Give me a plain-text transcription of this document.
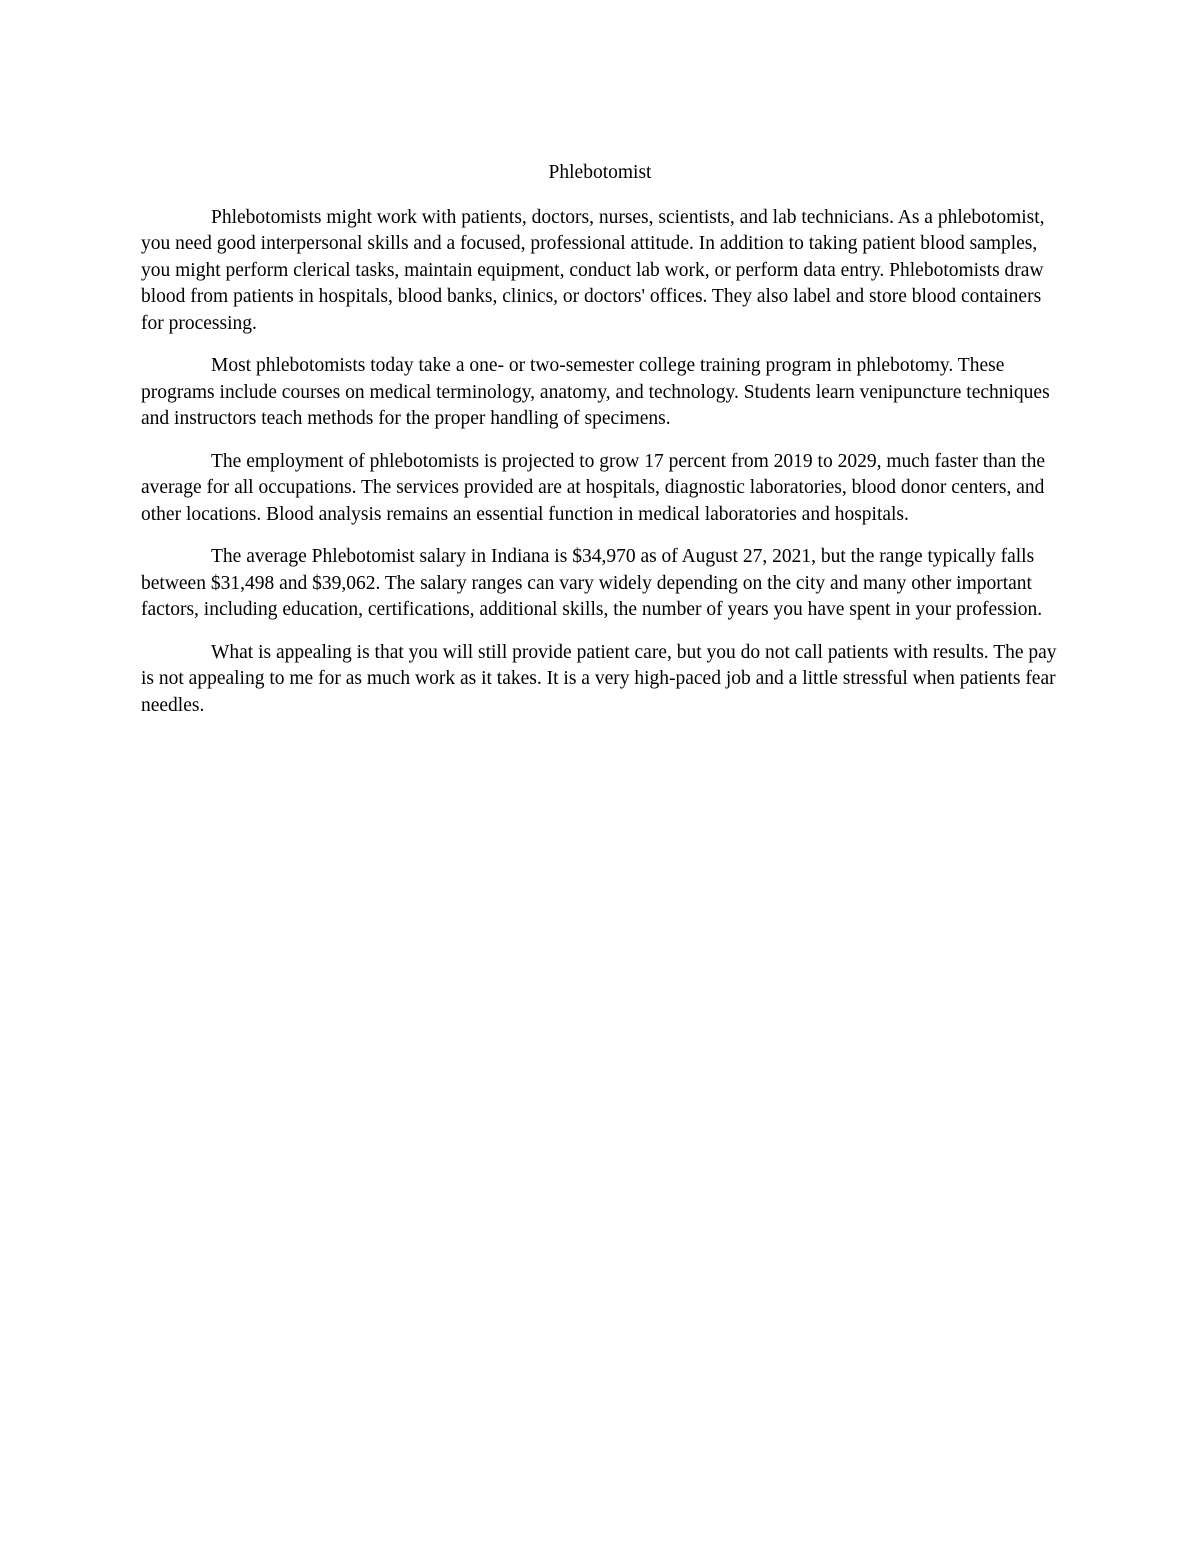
Phlebotomist

Phlebotomists might work with patients, doctors, nurses, scientists, and lab technicians. As a phlebotomist, you need good interpersonal skills and a focused, professional attitude. In addition to taking patient blood samples, you might perform clerical tasks, maintain equipment, conduct lab work, or perform data entry. Phlebotomists draw blood from patients in hospitals, blood banks, clinics, or doctors' offices. They also label and store blood containers for processing.

Most phlebotomists today take a one- or two-semester college training program in phlebotomy. These programs include courses on medical terminology, anatomy, and technology. Students learn venipuncture techniques and instructors teach methods for the proper handling of specimens.

The employment of phlebotomists is projected to grow 17 percent from 2019 to 2029, much faster than the average for all occupations. The services provided are at hospitals, diagnostic laboratories, blood donor centers, and other locations. Blood analysis remains an essential function in medical laboratories and hospitals.

The average Phlebotomist salary in Indiana is $34,970 as of August 27, 2021, but the range typically falls between $31,498 and $39,062. The salary ranges can vary widely depending on the city and many other important factors, including education, certifications, additional skills, the number of years you have spent in your profession.

What is appealing is that you will still provide patient care, but you do not call patients with results. The pay is not appealing to me for as much work as it takes. It is a very high-paced job and a little stressful when patients fear needles.
